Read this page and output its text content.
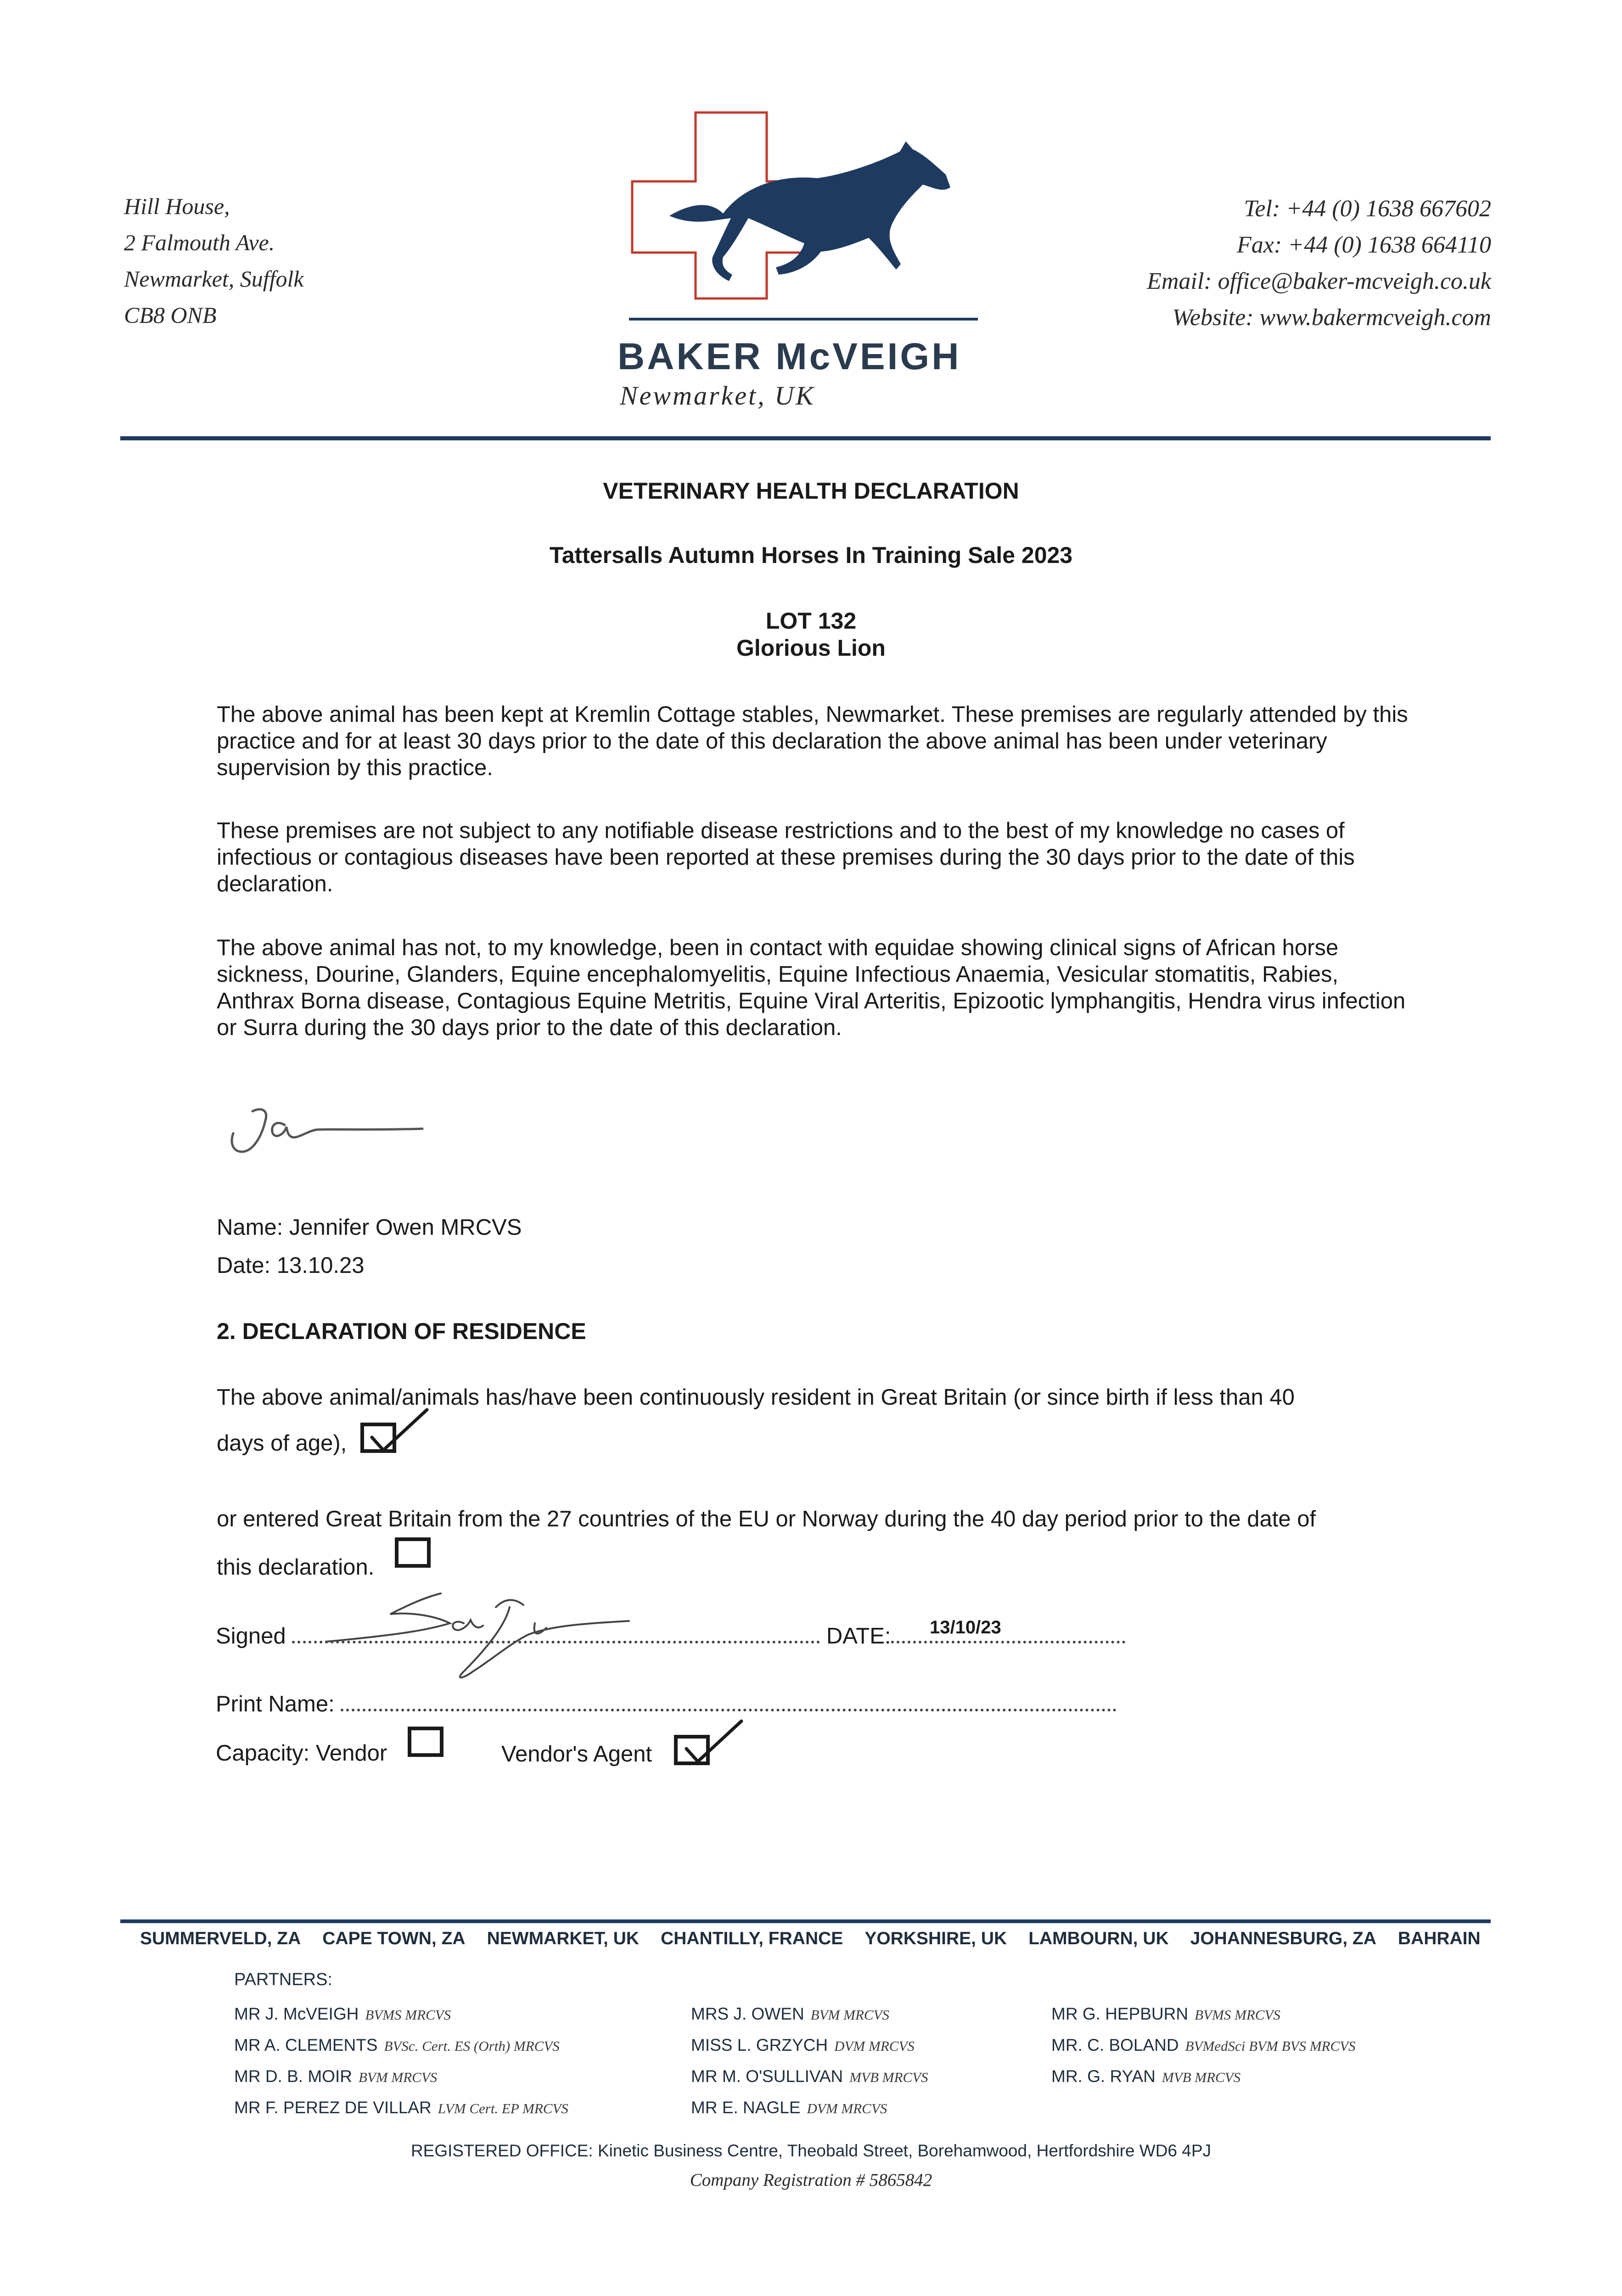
Hill House,
2 Falmouth Ave.
Newmarket, Suffolk
CB8 ONB
BAKER McVEIGH
Newmarket, UK
Tel: +44 (0) 1638 667602
Fax: +44 (0) 1638 664110
Email: office@baker-mcveigh.co.uk
Website: www.bakermcveigh.com
VETERINARY HEALTH DECLARATION
Tattersalls Autumn Horses In Training Sale 2023
LOT 132
Glorious Lion
The above animal has been kept at Kremlin Cottage stables, Newmarket. These premises are regularly attended by this practice and for at least 30 days prior to the date of this declaration the above animal has been under veterinary supervision by this practice.
These premises are not subject to any notifiable disease restrictions and to the best of my knowledge no cases of infectious or contagious diseases have been reported at these premises during the 30 days prior to the date of this declaration.
The above animal has not, to my knowledge, been in contact with equidae showing clinical signs of African horse sickness, Dourine, Glanders, Equine encephalomyelitis, Equine Infectious Anaemia, Vesicular stomatitis, Rabies, Anthrax Borna disease, Contagious Equine Metritis, Equine Viral Arteritis, Epizootic lymphangitis, Hendra virus infection or Surra during the 30 days prior to the date of this declaration.
Name: Jennifer Owen MRCVS
Date: 13.10.23
2. DECLARATION OF RESIDENCE
The above animal/animals has/have been continuously resident in Great Britain (or since birth if less than 40
days of age),
or entered Great Britain from the 27 countries of the EU or Norway during the 40 day period prior to the date of
this declaration.
Signed	DATE:	13/10/23
Print Name:
Capacity: Vendor	Vendor's Agent
SUMMERVELD, ZA CAPE TOWN, ZA NEWMARKET, UK CHANTILLY, FRANCE YORKSHIRE, UK LAMBOURN, UK JOHANNESBURG, ZA BAHRAIN
PARTNERS:
MR J. McVEIGH BVMS MRCVS
MR A. CLEMENTS BVSc. Cert. ES (Orth) MRCVS
MR D. B. MOIR BVM MRCVS
MR F. PEREZ DE VILLAR LVM Cert. EP MRCVS
MRS J. OWEN BVM MRCVS
MISS L. GRZYCH DVM MRCVS
MR M. O'SULLIVAN MVB MRCVS
MR E. NAGLE DVM MRCVS
MR G. HEPBURN BVMS MRCVS
MR. C. BOLAND BVMedSci BVM BVS MRCVS
MR. G. RYAN MVB MRCVS
REGISTERED OFFICE: Kinetic Business Centre, Theobald Street, Borehamwood, Hertfordshire WD6 4PJ
Company Registration # 5865842
